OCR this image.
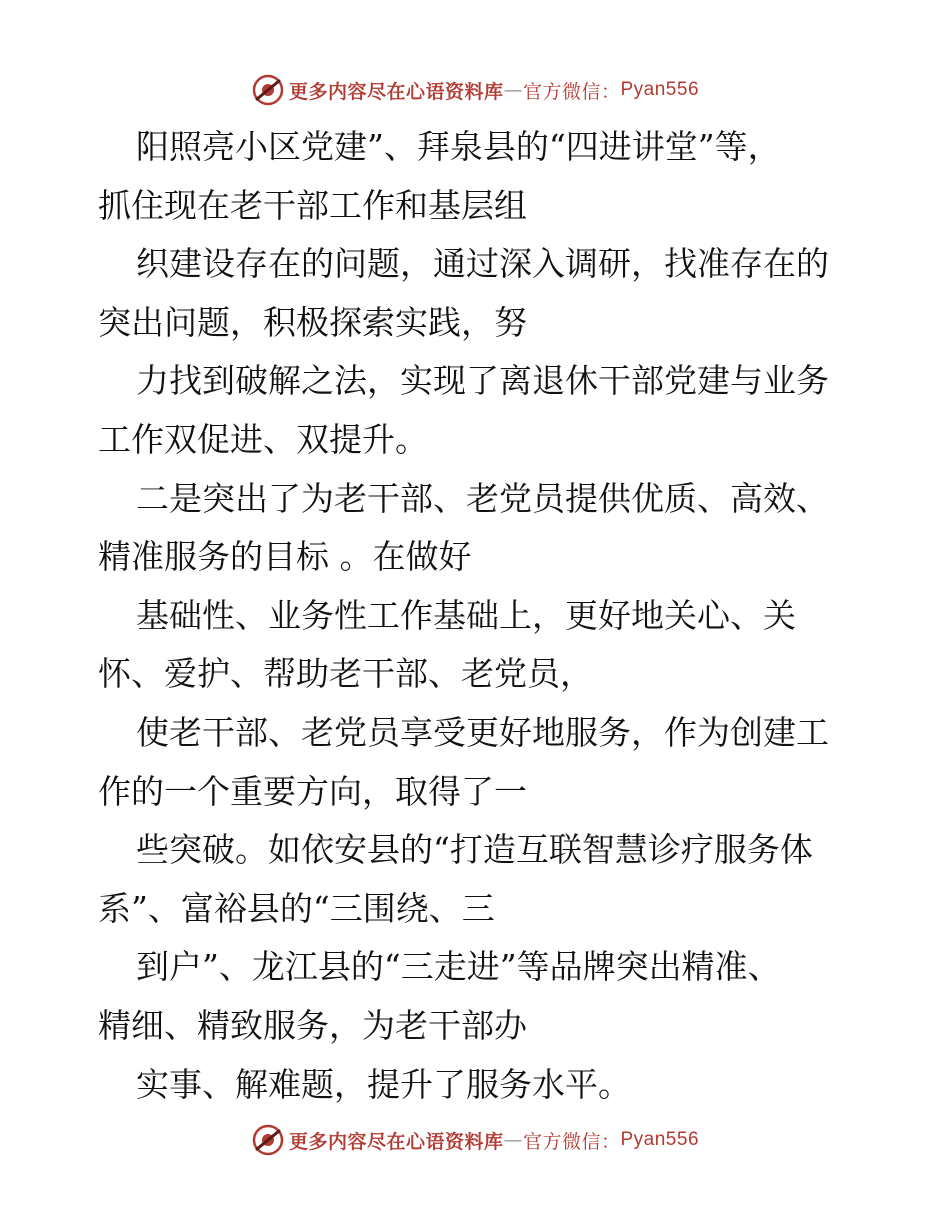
更多内容尽在心语资料库 — 官方微信： Pyan556
阳照亮小区党建”、拜泉县的“四进讲堂”等，
抓住现在老干部工作和基层组
织建设存在的问题，通过深入调研，找准存在的
突出问题，积极探索实践，努
力找到破解之法，实现了离退休干部党建与业务
工作双促进、双提升。
二是突出了为老干部、老党员提供优质、高效、
精准服务的目标 。在做好
基础性、业务性工作基础上，更好地关心、关
怀、爱护、帮助老干部、老党员，
使老干部、老党员享受更好地服务，作为创建工
作的一个重要方向，取得了一
些突破。如依安县的“打造互联智慧诊疗服务体
系”、富裕县的“三围绕、三
到户”、龙江县的“三走进”等品牌突出精准、
精细、精致服务，为老干部办
实事、解难题，提升了服务水平。
更多内容尽在心语资料库 — 官方微信： Pyan556
